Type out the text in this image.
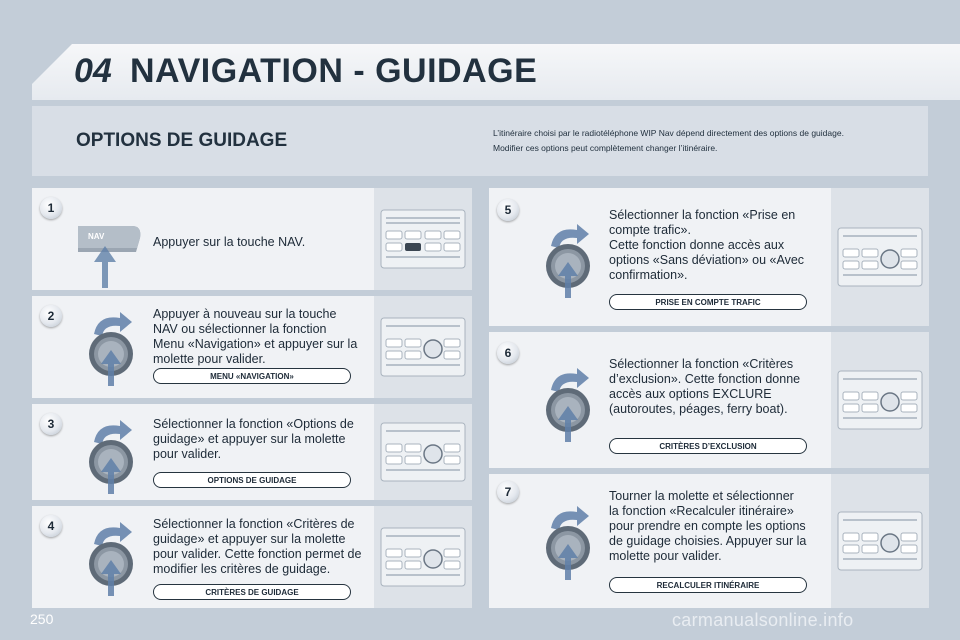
04 NAVIGATION - GUIDAGE
OPTIONS DE GUIDAGE	L’itinéraire choisi par le radiotéléphone WIP Nav dépend directement des options de guidage.
Modifier ces options peut complètement changer l’itinéraire.
1
NAV	Appuyer sur la touche NAV.
2	Appuyer à nouveau sur la touche
NAV ou sélectionner la fonction
Menu «Navigation» et appuyer sur la
molette pour valider.
MENU «NAVIGATION»
3	Sélectionner la fonction «Options de
guidage» et appuyer sur la molette
pour valider.
OPTIONS DE GUIDAGE
4	Sélectionner la fonction «Critères de
guidage» et appuyer sur la molette
pour valider. Cette fonction permet de
modifier les critères de guidage.
CRITÈRES DE GUIDAGE
5	Sélectionner la fonction «Prise en
compte trafic».
Cette fonction donne accès aux
options «Sans déviation» ou «Avec
confirmation».
PRISE EN COMPTE TRAFIC
6
Sélectionner la fonction «Critères
d’exclusion». Cette fonction donne
accès aux options EXCLURE
(autoroutes, péages, ferry boat).
CRITÈRES D’EXCLUSION
7	Tourner la molette et sélectionner
la fonction «Recalculer itinéraire»
pour prendre en compte les options
de guidage choisies. Appuyer sur la
molette pour valider.
RECALCULER ITINÉRAIRE
250	carmanualsonline.info
